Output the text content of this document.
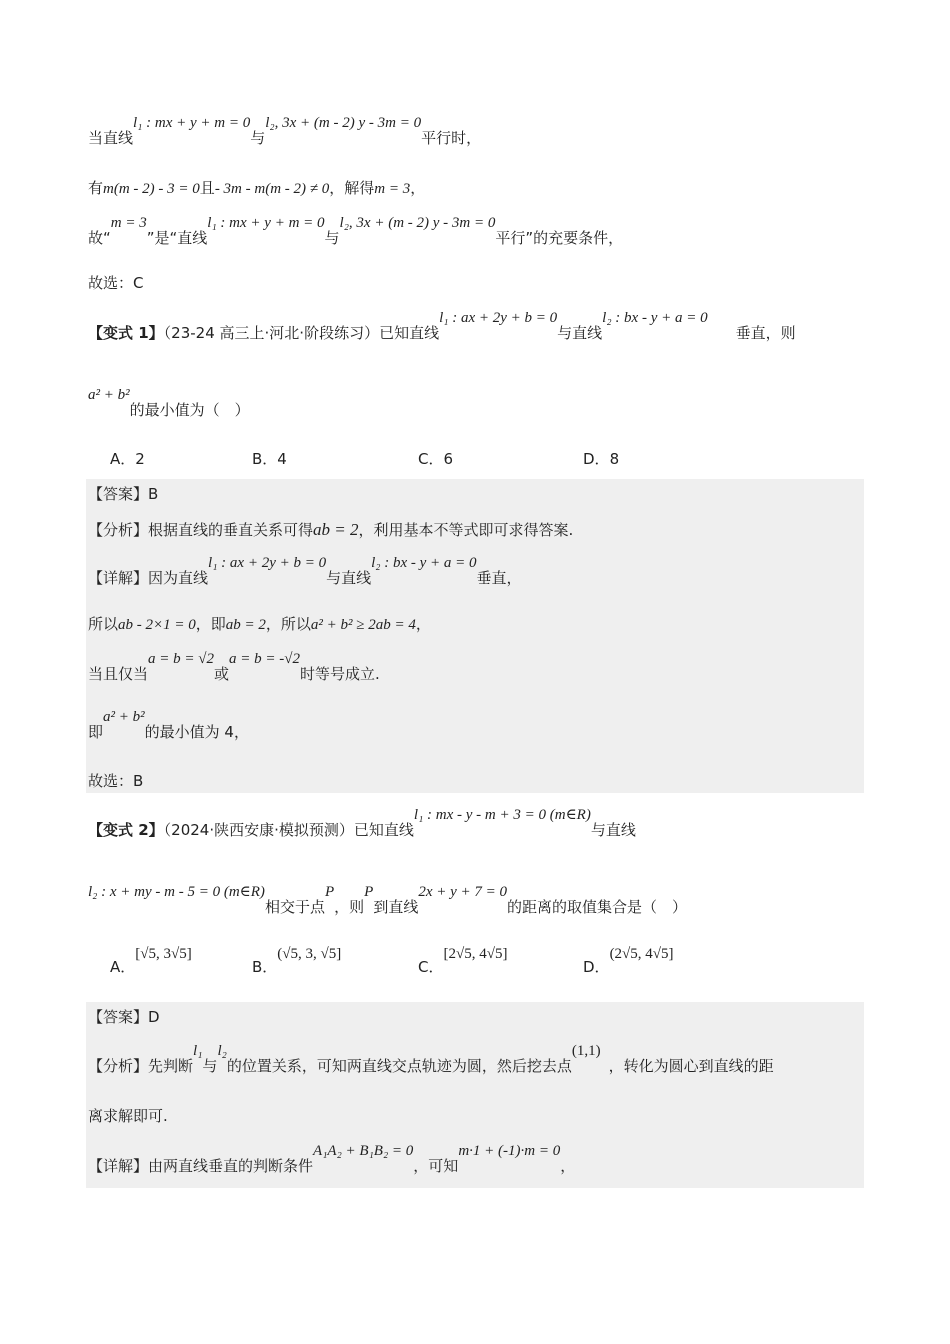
当直线l₁ : mx + y + m = 0与l₂, 3x + (m - 2) y - 3m = 0平行时，
有m(m - 2) - 3 = 0且- 3m - m(m - 2) ≠ 0，解得m = 3，
故“m = 3”是“直线l₁ : mx + y + m = 0与l₂, 3x + (m - 2) y - 3m = 0平行”的充要条件，
故选：C
【变式 1】（23-24 高三上·河北·阶段练习）已知直线l₁ : ax + 2y + b = 0与直线l₂ : bx - y + a = 0垂直，则
a² + b²的最小值为（　）
A．2	B．4	C．6	D．8
【答案】B
【分析】根据直线的垂直关系可得ab = 2，利用基本不等式即可求得答案.
【详解】因为直线l₁ : ax + 2y + b = 0与直线l₂ : bx - y + a = 0垂直，
所以ab - 2×1 = 0，即ab = 2，所以a² + b² ≥ 2ab = 4，
当且仅当a = b = √2或a = b = -√2时等号成立.
即a² + b²的最小值为 4，
故选：B
【变式 2】（2024·陕西安康·模拟预测）已知直线l₁ : mx - y - m + 3 = 0 (m∈R)与直线
l₂ : x + my - m - 5 = 0 (m∈R)相交于点P，则P到直线2x + y + 7 = 0的距离的取值集合是（　）
A．[√5, 3√5]
B．(√5, 3, √5]
C．[2√5, 4√5]
D．(2√5, 4√5]
【答案】D
【分析】先判断l₁与l₂的位置关系，可知两直线交点轨迹为圆，然后挖去点(1,1)，转化为圆心到直线的距
离求解即可.
【详解】由两直线垂直的判断条件A₁A₂ + B₁B₂ = 0，可知m·1 + (-1)·m = 0，
